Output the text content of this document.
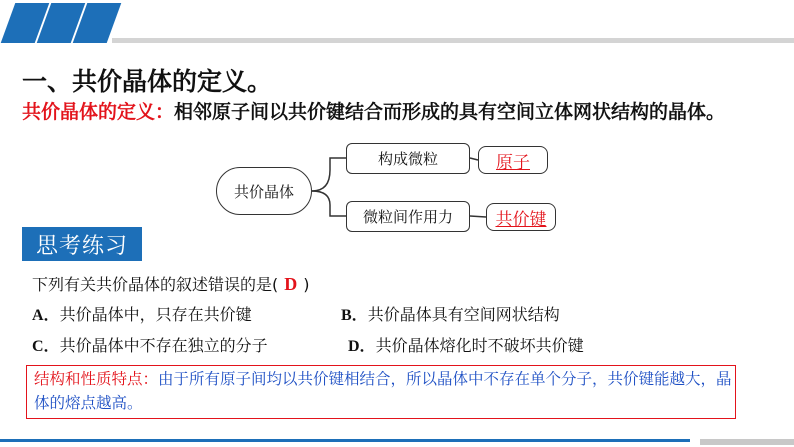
一、共价晶体的定义。
共价晶体的定义：相邻原子间以共价键结合而形成的具有空间立体网状结构的晶体。
共价晶体
构成微粒
微粒间作用力
原子
共价键
思考练习
下列有关共价晶体的叙述错误的是( D )
A．共价晶体中，只存在共价键	B．共价晶体具有空间网状结构
C．共价晶体中不存在独立的分子	D．共价晶体熔化时不破坏共价键
结构和性质特点：由于所有原子间均以共价键相结合，所以晶体中不存在单个分子，共价键能越大，晶体的熔点越高。
